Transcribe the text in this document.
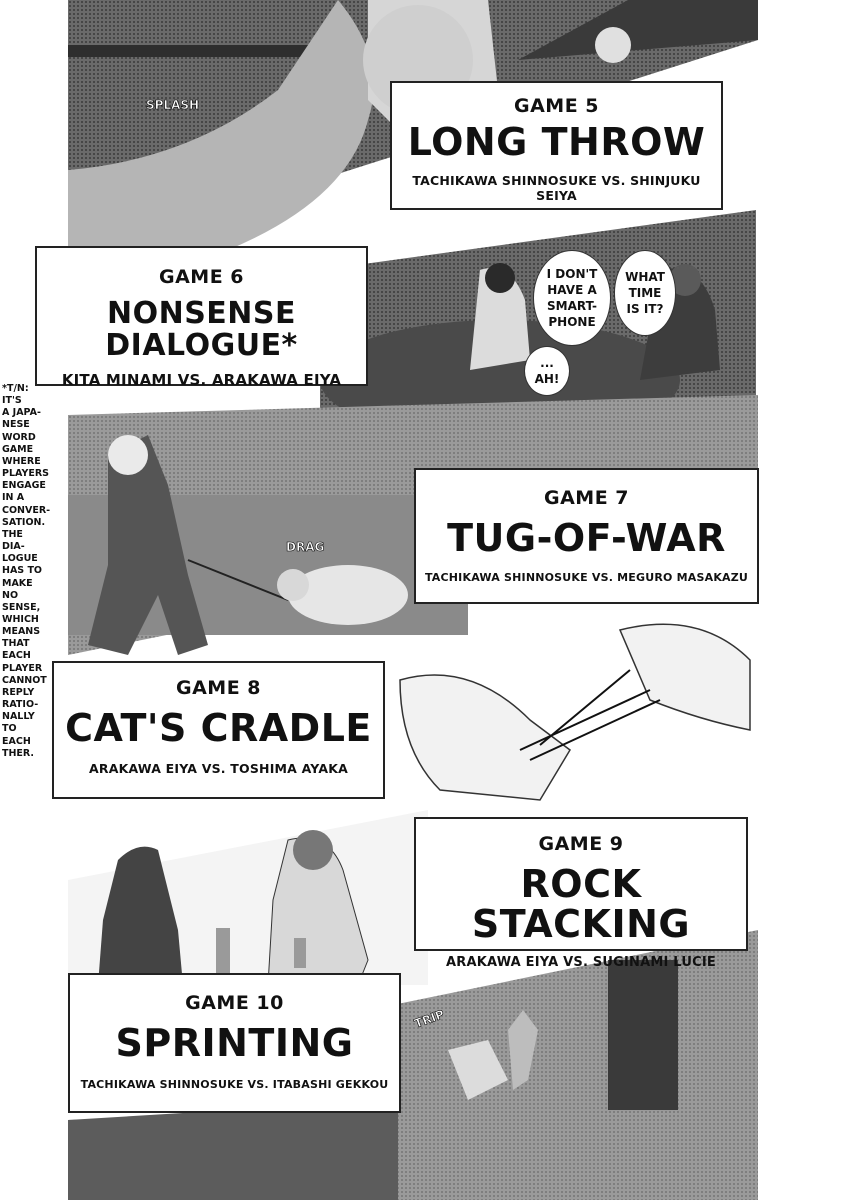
SPLASH
DRAG
TRIP
I DON'T
HAVE A
SMART-
PHONE
WHAT
TIME
IS IT?
...
AH!
GAME 5
LONG THROW
TACHIKAWA SHINNOSUKE VS. SHINJUKU SEIYA
GAME 6
NONSENSE DIALOGUE*
KITA MINAMI VS. ARAKAWA EIYA
GAME 7
TUG-OF-WAR
TACHIKAWA SHINNOSUKE VS. MEGURO MASAKAZU
GAME 8
CAT'S CRADLE
ARAKAWA EIYA VS. TOSHIMA AYAKA
GAME 9
ROCK STACKING
ARAKAWA EIYA VS. SUGINAMI LUCIE
GAME 10
SPRINTING
TACHIKAWA SHINNOSUKE VS. ITABASHI GEKKOU
*T/N: IT'S
A JAPA-
NESE
WORD
GAME
WHERE
PLAYERS
ENGAGE
IN A
CONVER-
SATION.
THE DIA-
LOGUE
HAS TO
MAKE NO
SENSE,
WHICH
MEANS
THAT
EACH
PLAYER
CANNOT
REPLY
RATIO-
NALLY
TO
EACH
THER.
